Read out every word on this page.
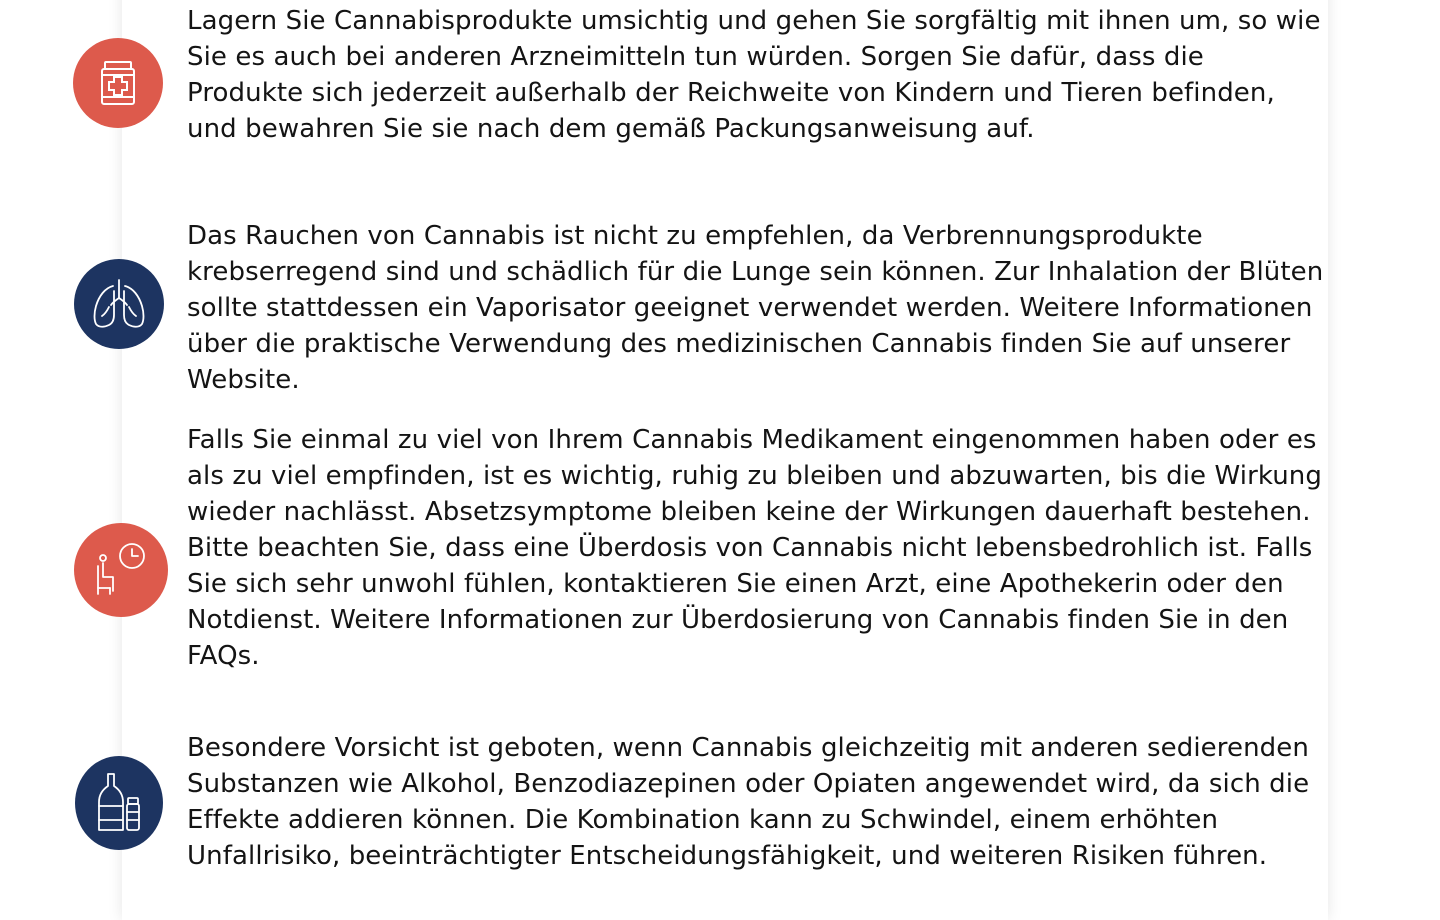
Lagern Sie Cannabisprodukte umsichtig und gehen Sie sorgfältig mit ihnen um, so wie Sie es auch bei anderen Arzneimitteln tun würden. Sorgen Sie dafür, dass die Produkte sich jederzeit außerhalb der Reichweite von Kindern und Tieren befinden, und bewahren Sie sie nach dem gemäß Packungsanweisung auf.

Das Rauchen von Cannabis ist nicht zu empfehlen, da Verbrennungsprodukte krebserregend sind und schädlich für die Lunge sein können. Zur Inhalation der Blüten sollte stattdessen ein Vaporisator geeignet verwendet werden. Weitere Informationen über die praktische Verwendung des medizinischen Cannabis finden Sie auf unserer Website.

Falls Sie einmal zu viel von Ihrem Cannabis Medikament eingenommen haben oder es als zu viel empfinden, ist es wichtig, ruhig zu bleiben und abzuwarten, bis die Wirkung wieder nachlässt. Absetzsymptome bleiben keine der Wirkungen dauerhaft bestehen. Bitte beachten Sie, dass eine Überdosis von Cannabis nicht lebensbedrohlich ist. Falls Sie sich sehr unwohl fühlen, kontaktieren Sie einen Arzt, eine Apothekerin oder den Notdienst. Weitere Informationen zur Überdosierung von Cannabis finden Sie in den FAQs.

Besondere Vorsicht ist geboten, wenn Cannabis gleichzeitig mit anderen sedierenden Substanzen wie Alkohol, Benzodiazepinen oder Opiaten angewendet wird, da sich die Effekte addieren können. Die Kombination kann zu Schwindel, einem erhöhten Unfallrisiko, beeinträchtigter Entscheidungsfähigkeit, und weiteren Risiken führen.
